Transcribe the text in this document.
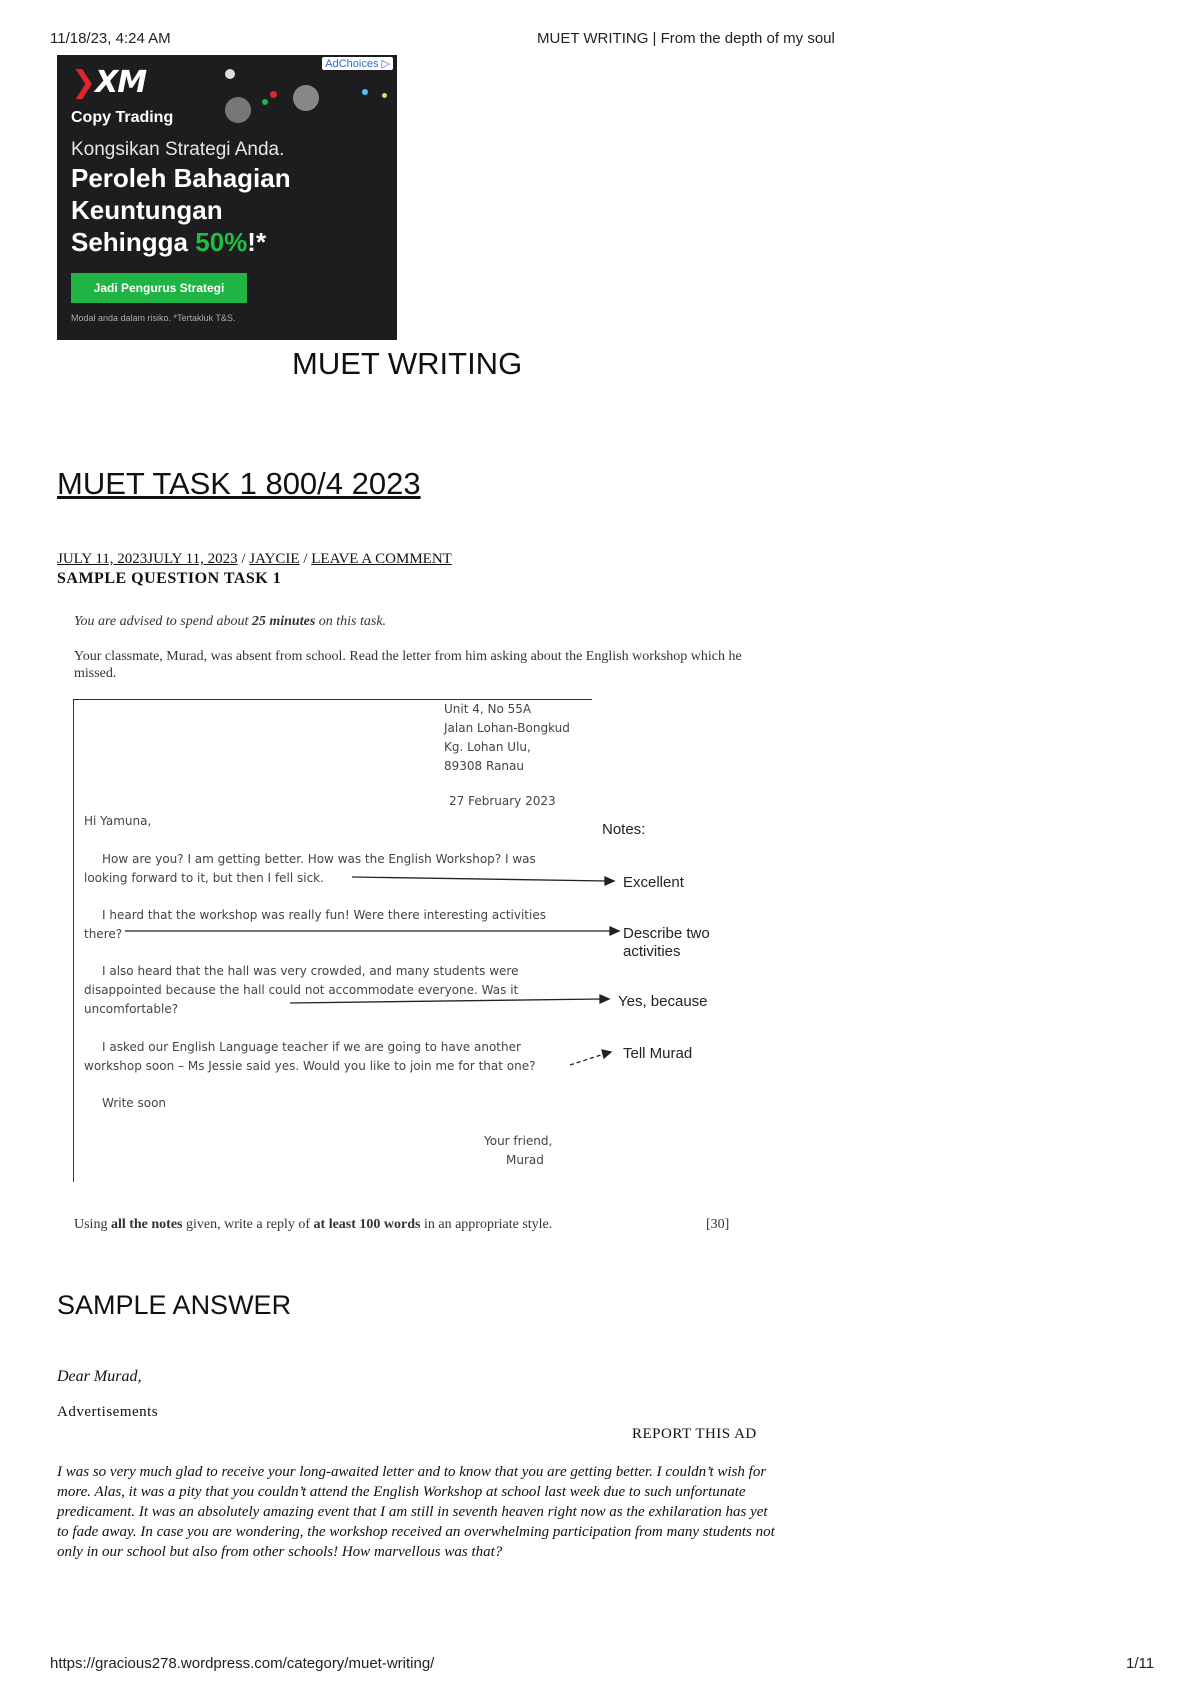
11/18/23, 4:24 AM	MUET WRITING | From the depth of my soul
❯XM
AdChoices ▷
Copy Trading
Kongsikan Strategi Anda.
Peroleh Bahagian
Keuntungan
Sehingga 50%!*
Jadi Pengurus Strategi
Modal anda dalam risiko. *Tertakluk T&S.
MUET WRITING
MUET TASK 1 800/4 2023
JULY 11, 2023JULY 11, 2023 / JAYCIE / LEAVE A COMMENT
SAMPLE QUESTION TASK 1
You are advised to spend about 25 minutes on this task.
Your classmate, Murad, was absent from school. Read the letter from him asking about the English workshop which he missed.
Unit 4, No 55A
Jalan Lohan-Bongkud
Kg. Lohan Ulu,
89308 Ranau
27 February 2023
Hi Yamuna,
How are you? I am getting better. How was the English Workshop? I was
looking forward to it, but then I fell sick.
I heard that the workshop was really fun! Were there interesting activities
there?
I also heard that the hall was very crowded, and many students were
disappointed because the hall could not accommodate everyone. Was it
uncomfortable?
I asked our English Language teacher if we are going to have another
workshop soon – Ms Jessie said yes. Would you like to join me for that one?
Write soon
Your friend,
Murad
Notes:
Excellent
Describe two activities
Yes, because
Tell Murad
Using all the notes given, write a reply of at least 100 words in an appropriate style.	[30]
SAMPLE ANSWER
Dear Murad,
Advertisements
REPORT THIS AD
I was so very much glad to receive your long-awaited letter and to know that you are getting better. I couldn’t wish for more. Alas, it was a pity that you couldn’t attend the English Workshop at school last week due to such unfortunate predicament. It was an absolutely amazing event that I am still in seventh heaven right now as the exhilaration has yet to fade away. In case you are wondering, the workshop received an overwhelming participation from many students not only in our school but also from other schools! How marvellous was that?
https://gracious278.wordpress.com/category/muet-writing/	1/11
